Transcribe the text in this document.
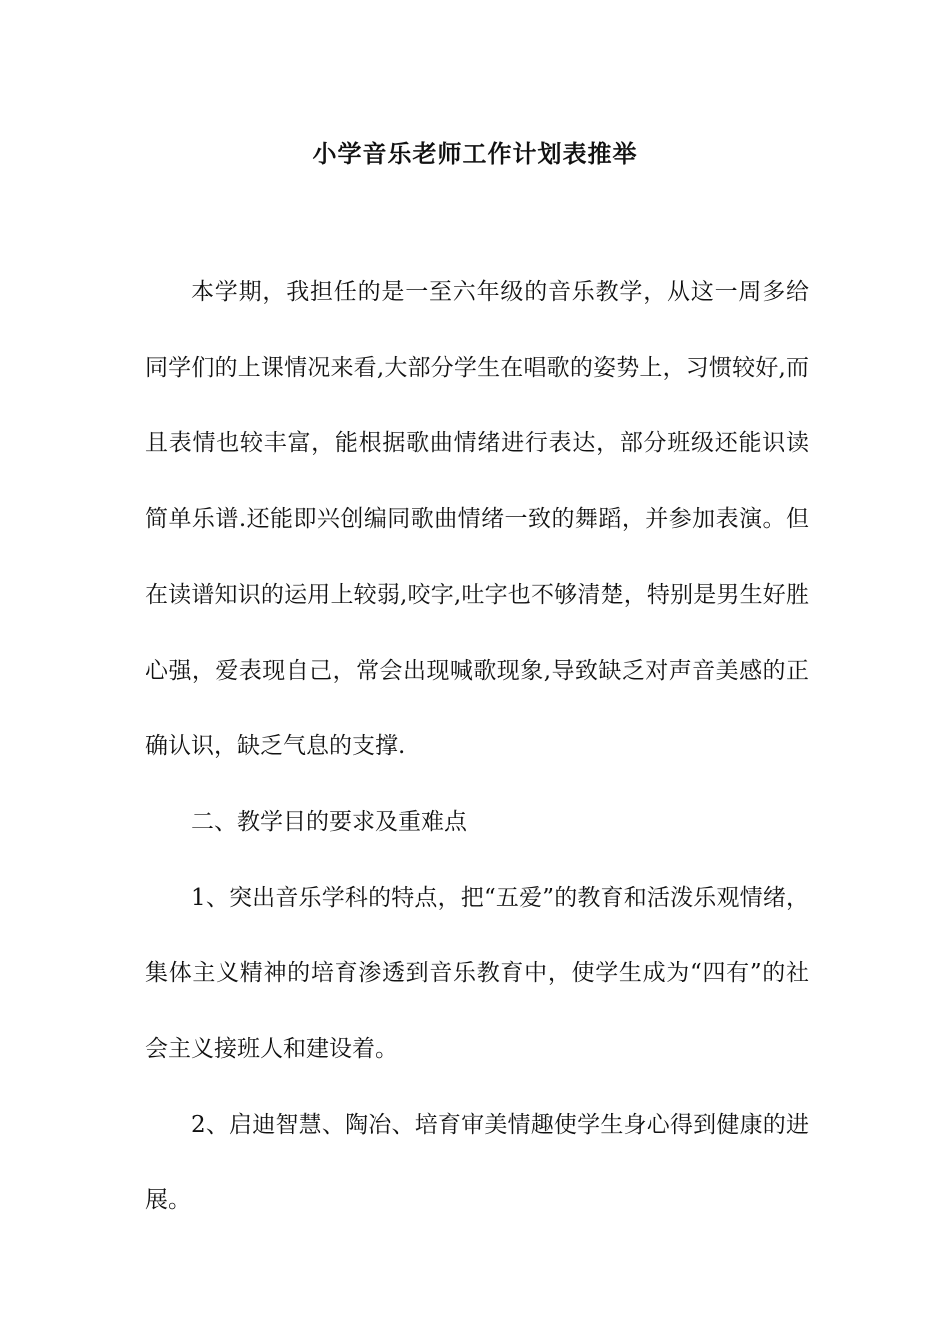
小学音乐老师工作计划表推举

本学期，我担任的是一至六年级的音乐教学，从这一周多给同学们的上课情况来看,大部分学生在唱歌的姿势上，习惯较好,而且表情也较丰富，能根据歌曲情绪进行表达，部分班级还能识读简单乐谱.还能即兴创编同歌曲情绪一致的舞蹈，并参加表演。但在读谱知识的运用上较弱,咬字,吐字也不够清楚，特别是男生好胜心强，爱表现自己，常会出现喊歌现象,导致缺乏对声音美感的正确认识，缺乏气息的支撑.

二、教学目的要求及重难点

1、突出音乐学科的特点，把“五爱”的教育和活泼乐观情绪，集体主义精神的培育渗透到音乐教育中，使学生成为“四有”的社会主义接班人和建设着。

2、启迪智慧、陶冶、培育审美情趣使学生身心得到健康的进展。
